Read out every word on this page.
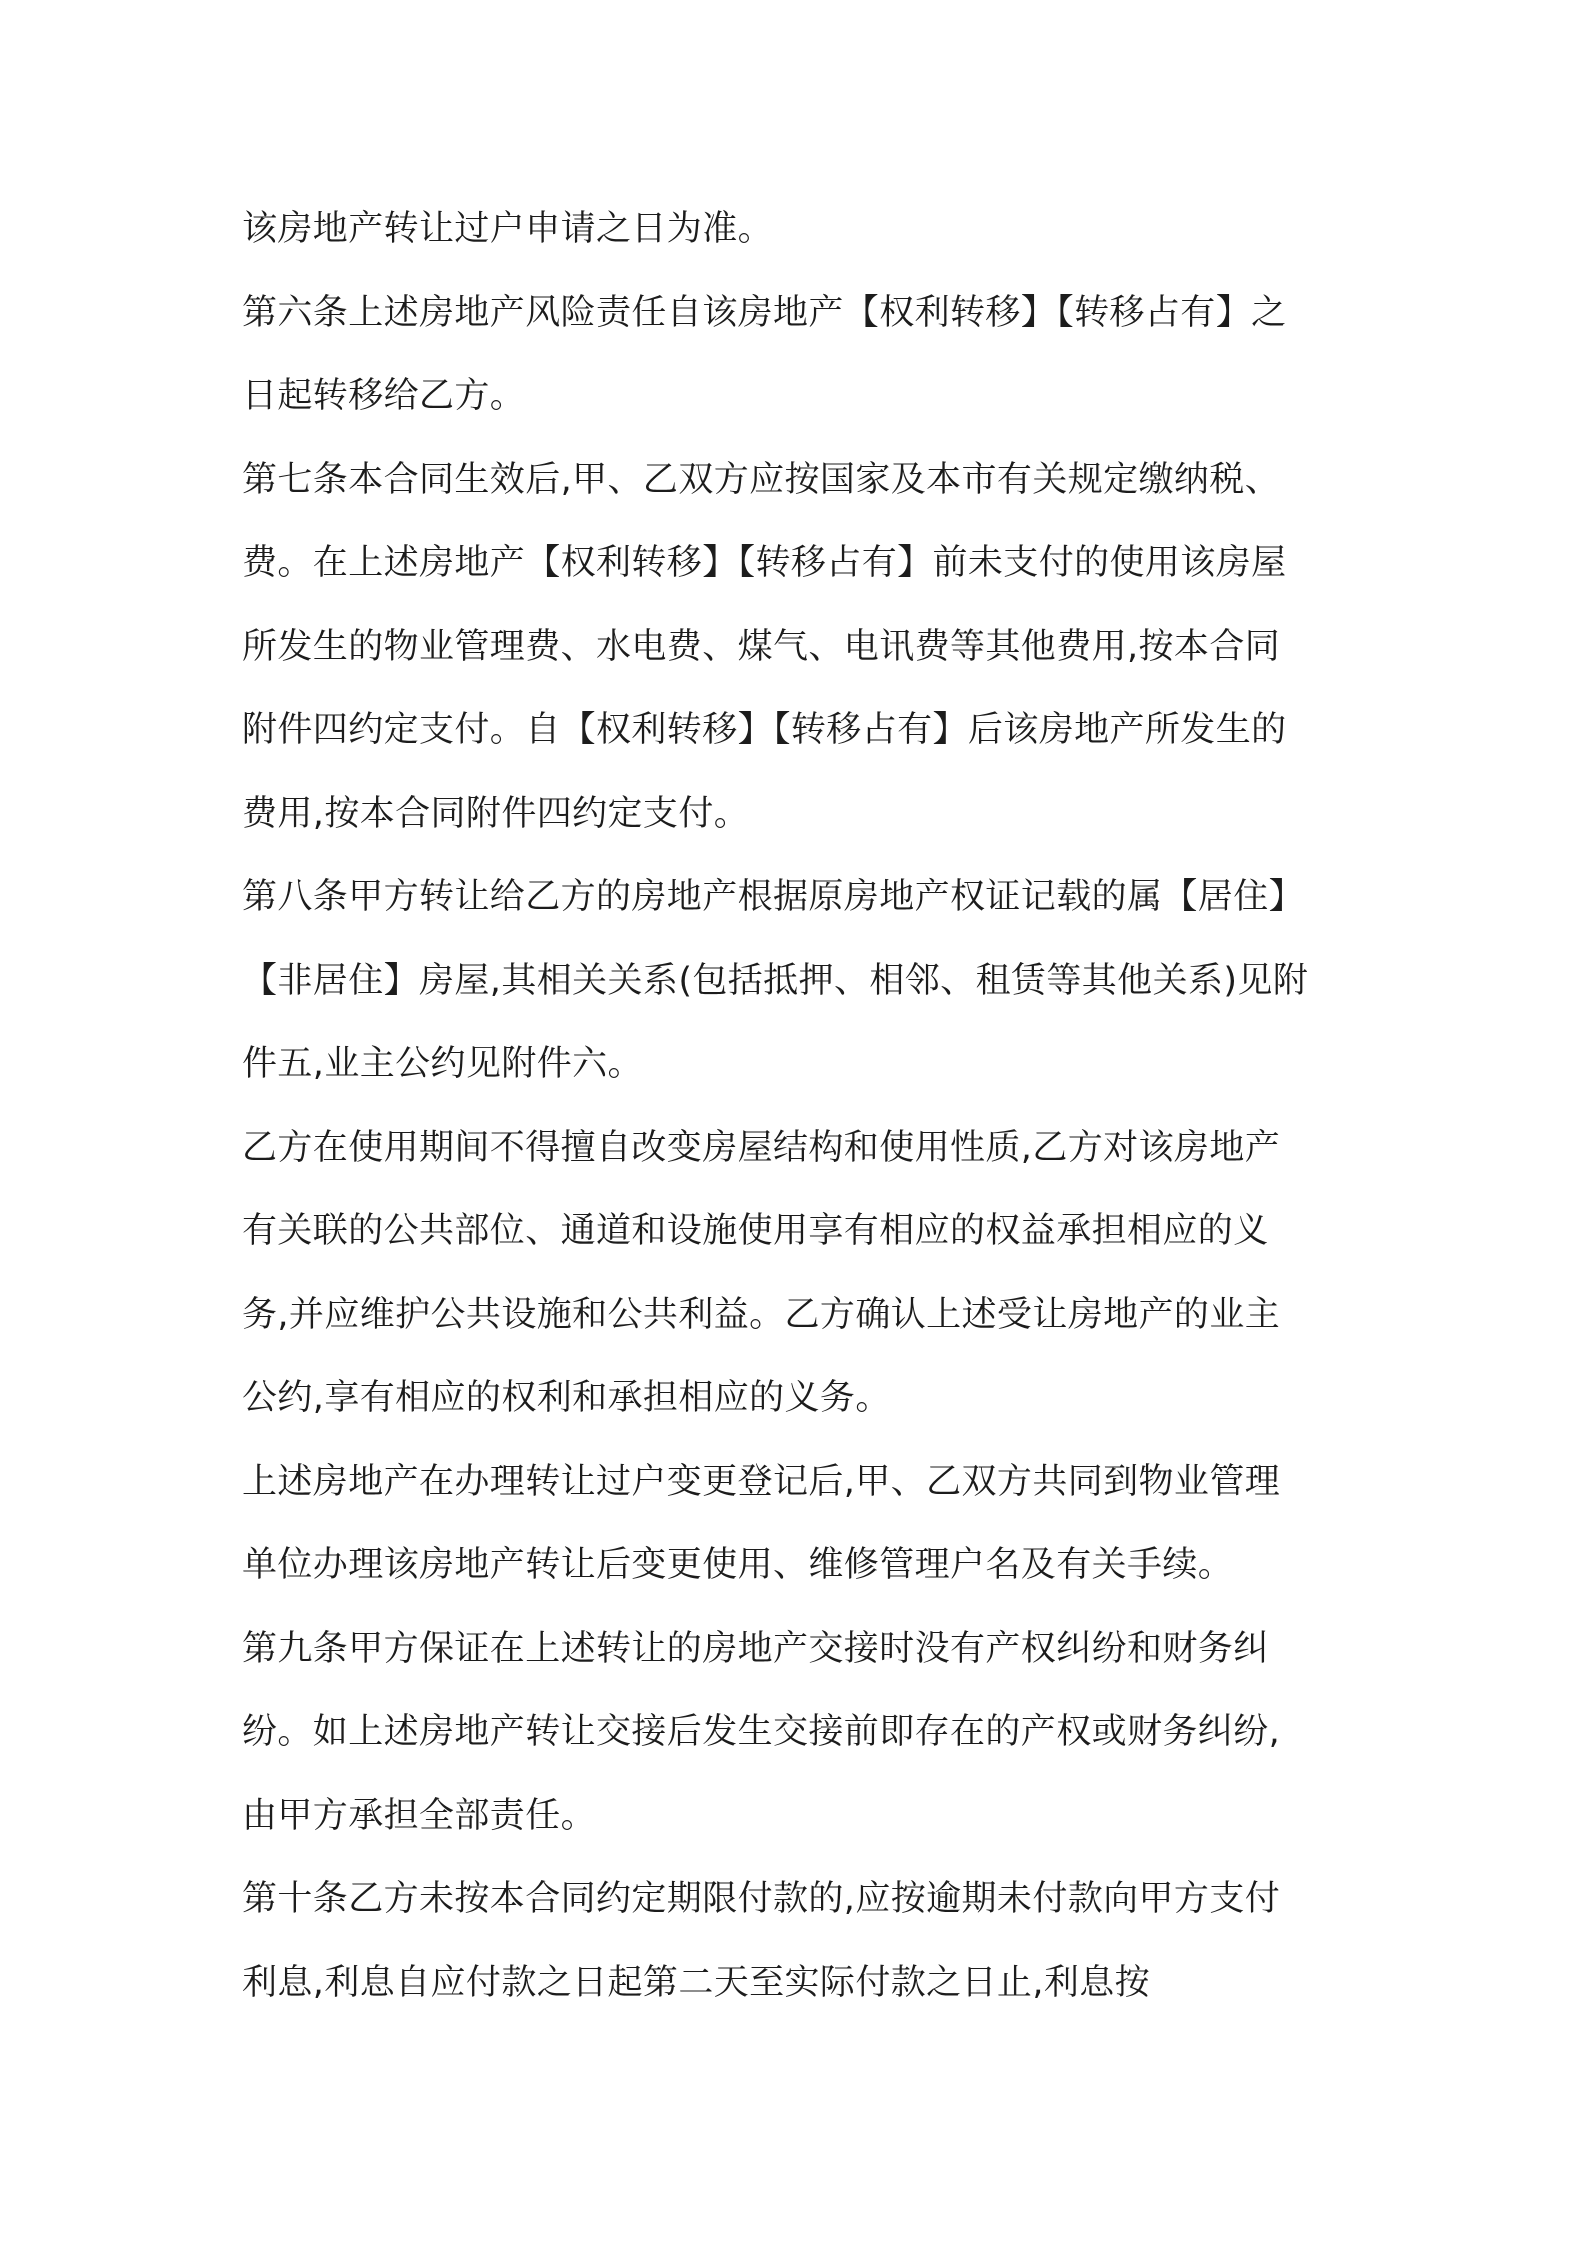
该房地产转让过户申请之日为准。
第六条上述房地产风险责任自该房地产【权利转移】【转移占有】之
日起转移给乙方。
第七条本合同生效后,甲、乙双方应按国家及本市有关规定缴纳税、
费。在上述房地产【权利转移】【转移占有】前未支付的使用该房屋
所发生的物业管理费、水电费、煤气、电讯费等其他费用,按本合同
附件四约定支付。自【权利转移】【转移占有】后该房地产所发生的
费用,按本合同附件四约定支付。
第八条甲方转让给乙方的房地产根据原房地产权证记载的属【居住】
【非居住】房屋,其相关关系(包括抵押、相邻、租赁等其他关系)见附
件五,业主公约见附件六。
乙方在使用期间不得擅自改变房屋结构和使用性质,乙方对该房地产
有关联的公共部位、通道和设施使用享有相应的权益承担相应的义
务,并应维护公共设施和公共利益。乙方确认上述受让房地产的业主
公约,享有相应的权利和承担相应的义务。
上述房地产在办理转让过户变更登记后,甲、乙双方共同到物业管理
单位办理该房地产转让后变更使用、维修管理户名及有关手续。
第九条甲方保证在上述转让的房地产交接时没有产权纠纷和财务纠
纷。如上述房地产转让交接后发生交接前即存在的产权或财务纠纷,
由甲方承担全部责任。
第十条乙方未按本合同约定期限付款的,应按逾期未付款向甲方支付
利息,利息自应付款之日起第二天至实际付款之日止,利息按
